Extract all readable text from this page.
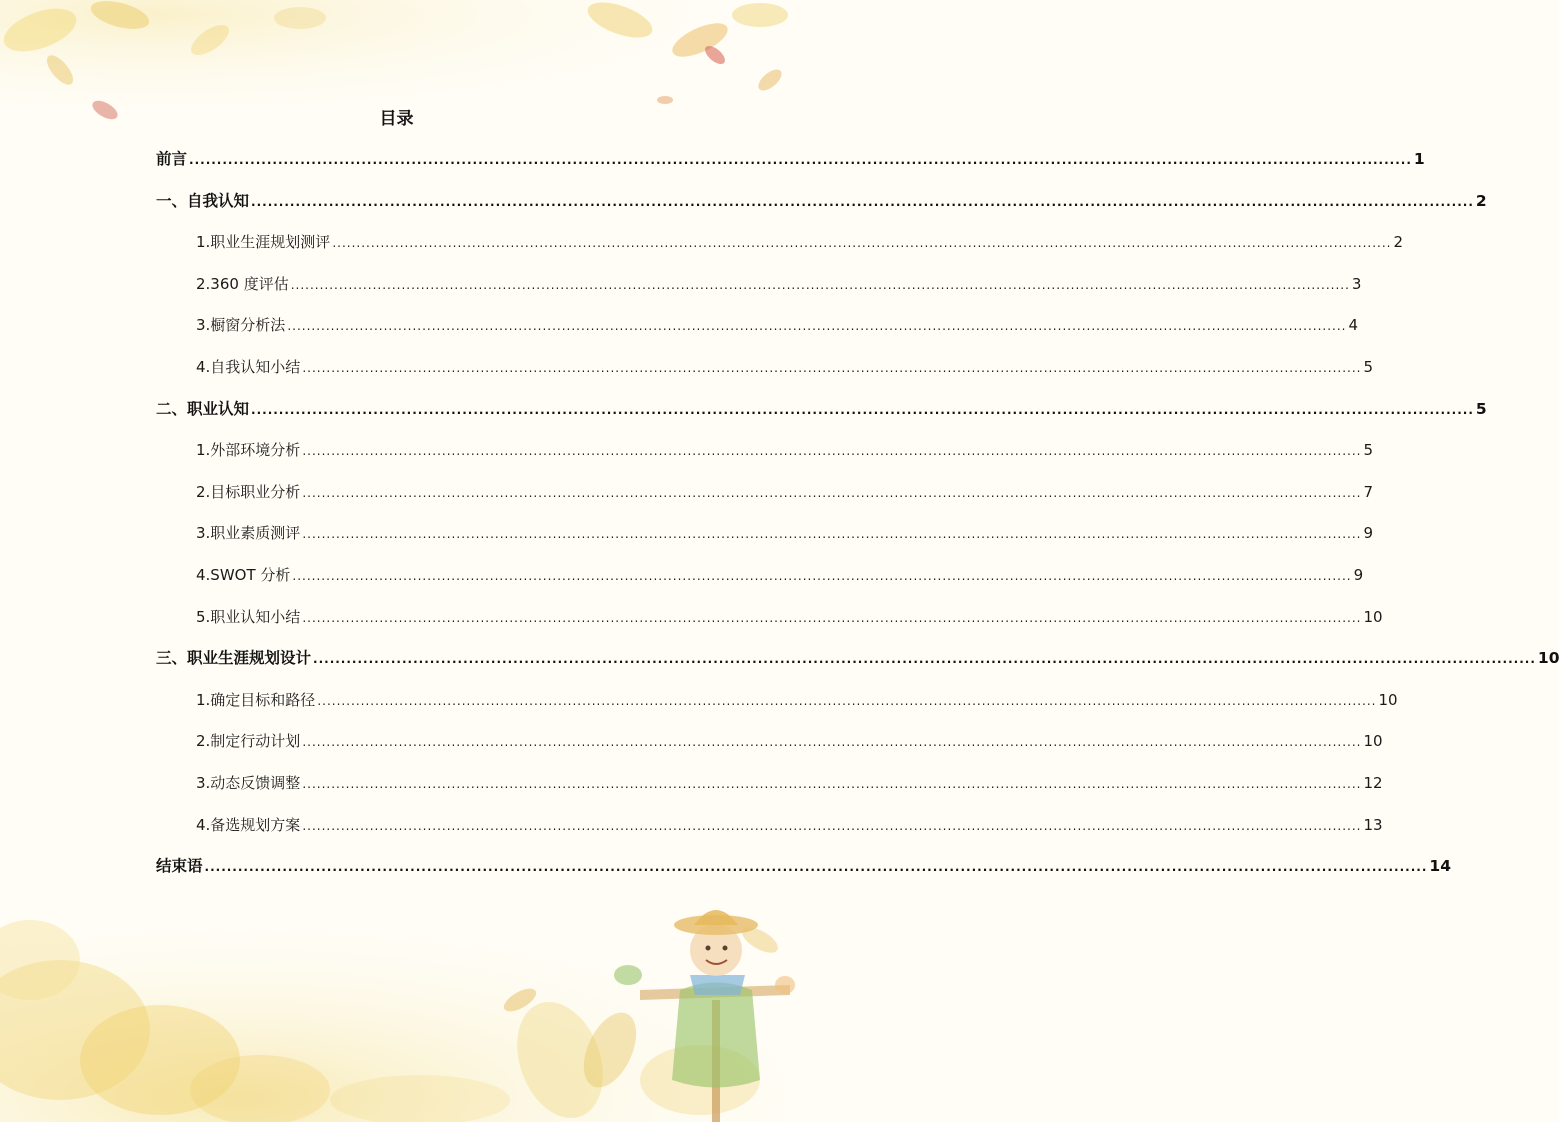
目录
前言 ............................................................................................................................................................................................................................ 1
一、自我认知 ............................................................................................................................................................................................................................ 2
1.职业生涯规划测评 ............................................................................................................................................................................................................................ 2
2.360 度评估 ............................................................................................................................................................................................................................ 3
3.橱窗分析法 ............................................................................................................................................................................................................................ 4
4.自我认知小结 ............................................................................................................................................................................................................................ 5
二、职业认知 ............................................................................................................................................................................................................................ 5
1.外部环境分析 ............................................................................................................................................................................................................................ 5
2.目标职业分析 ............................................................................................................................................................................................................................ 7
3.职业素质测评 ............................................................................................................................................................................................................................ 9
4.SWOT 分析 ............................................................................................................................................................................................................................ 9
5.职业认知小结 ............................................................................................................................................................................................................................ 10
三、职业生涯规划设计 ............................................................................................................................................................................................................................ 10
1.确定目标和路径 ............................................................................................................................................................................................................................ 10
2.制定行动计划 ............................................................................................................................................................................................................................ 10
3.动态反馈调整 ............................................................................................................................................................................................................................ 12
4.备选规划方案 ............................................................................................................................................................................................................................ 13
结束语 ............................................................................................................................................................................................................................ 14
